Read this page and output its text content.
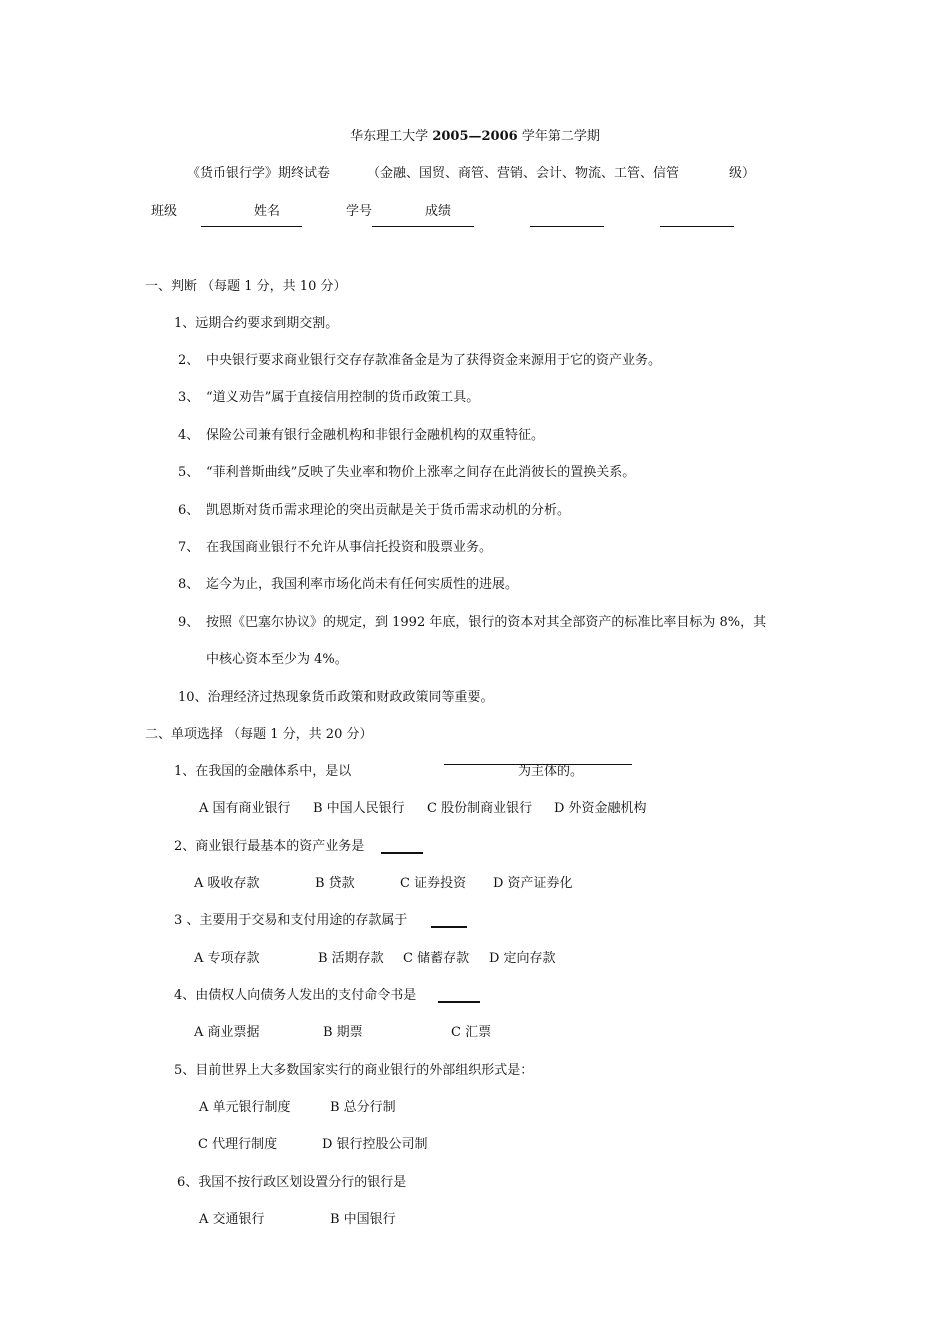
华东理工大学 2005—2006 学年第二学期
《货币银行学》期终试卷	（金融、国贸、商管、营销、会计、物流、工管、信管	级）
班级	姓名	学号	成绩
一、判断 （每题 1 分，共 10 分）
1、远期合约要求到期交割。
2、 中央银行要求商业银行交存存款准备金是为了获得资金来源用于它的资产业务。
3、 “道义劝告”属于直接信用控制的货币政策工具。
4、 保险公司兼有银行金融机构和非银行金融机构的双重特征。
5、 “菲利普斯曲线”反映了失业率和物价上涨率之间存在此消彼长的置换关系。
6、 凯恩斯对货币需求理论的突出贡献是关于货币需求动机的分析。
7、 在我国商业银行不允许从事信托投资和股票业务。
8、 迄今为止，我国利率市场化尚未有任何实质性的进展。
9、 按照《巴塞尔协议》的规定，到 1992 年底，银行的资本对其全部资产的标准比率目标为 8%，其
中核心资本至少为 4%。
10、治理经济过热现象货币政策和财政政策同等重要。
二、单项选择 （每题 1 分，共 20 分）
1、在我国的金融体系中，是以	为主体的。
A 国有商业银行 B 中国人民银行 C 股份制商业银行 D 外资金融机构
2、商业银行最基本的资产业务是
A 吸收存款	B 贷款	C 证券投资 D 资产证券化
3 、主要用于交易和支付用途的存款属于
A 专项存款	B 活期存款 C 储蓄存款 D 定向存款
4、由债权人向债务人发出的支付命令书是
A 商业票据	B 期票	C 汇票
5、目前世界上大多数国家实行的商业银行的外部组织形式是：
A 单元银行制度	B 总分行制
C 代理行制度	D 银行控股公司制
6、我国不按行政区划设置分行的银行是
A 交通银行	B 中国银行
